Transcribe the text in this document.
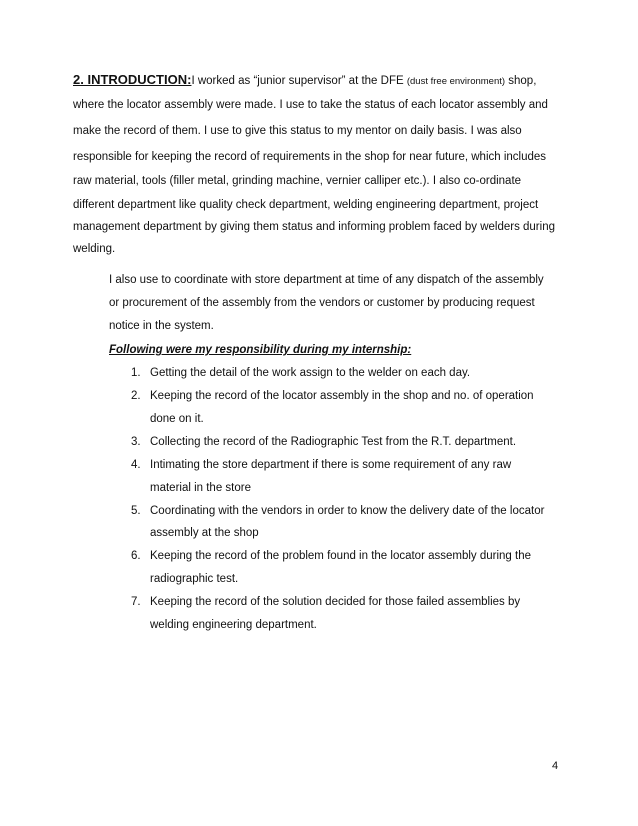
2. INTRODUCTION:I worked as “junior supervisor” at the DFE (dust free environment) shop,
where the locator assembly were made. I use to take the status of each locator assembly and
make the record of them. I use to give this status to my mentor on daily basis. I was also
responsible for keeping the record of requirements in the shop for near future, which includes
raw material, tools (filler metal, grinding machine, vernier calliper etc.). I also co-ordinate
different department like quality check department, welding engineering department, project
management department by giving them status and informing problem faced by welders during
welding.
I also use to coordinate with store department at time of any dispatch of the assembly
or procurement of the assembly from the vendors or customer by producing request
notice in the system.
Following were my responsibility during my internship:
1. Getting the detail of the work assign to the welder on each day.
2. Keeping the record of the locator assembly in the shop and no. of operation
done on it.
3. Collecting the record of the Radiographic Test from the R.T. department.
4. Intimating the store department if there is some requirement of any raw
material in the store
5. Coordinating with the vendors in order to know the delivery date of the locator
assembly at the shop
6. Keeping the record of the problem found in the locator assembly during the
radiographic test.
7. Keeping the record of the solution decided for those failed assemblies by
welding engineering department.
4
